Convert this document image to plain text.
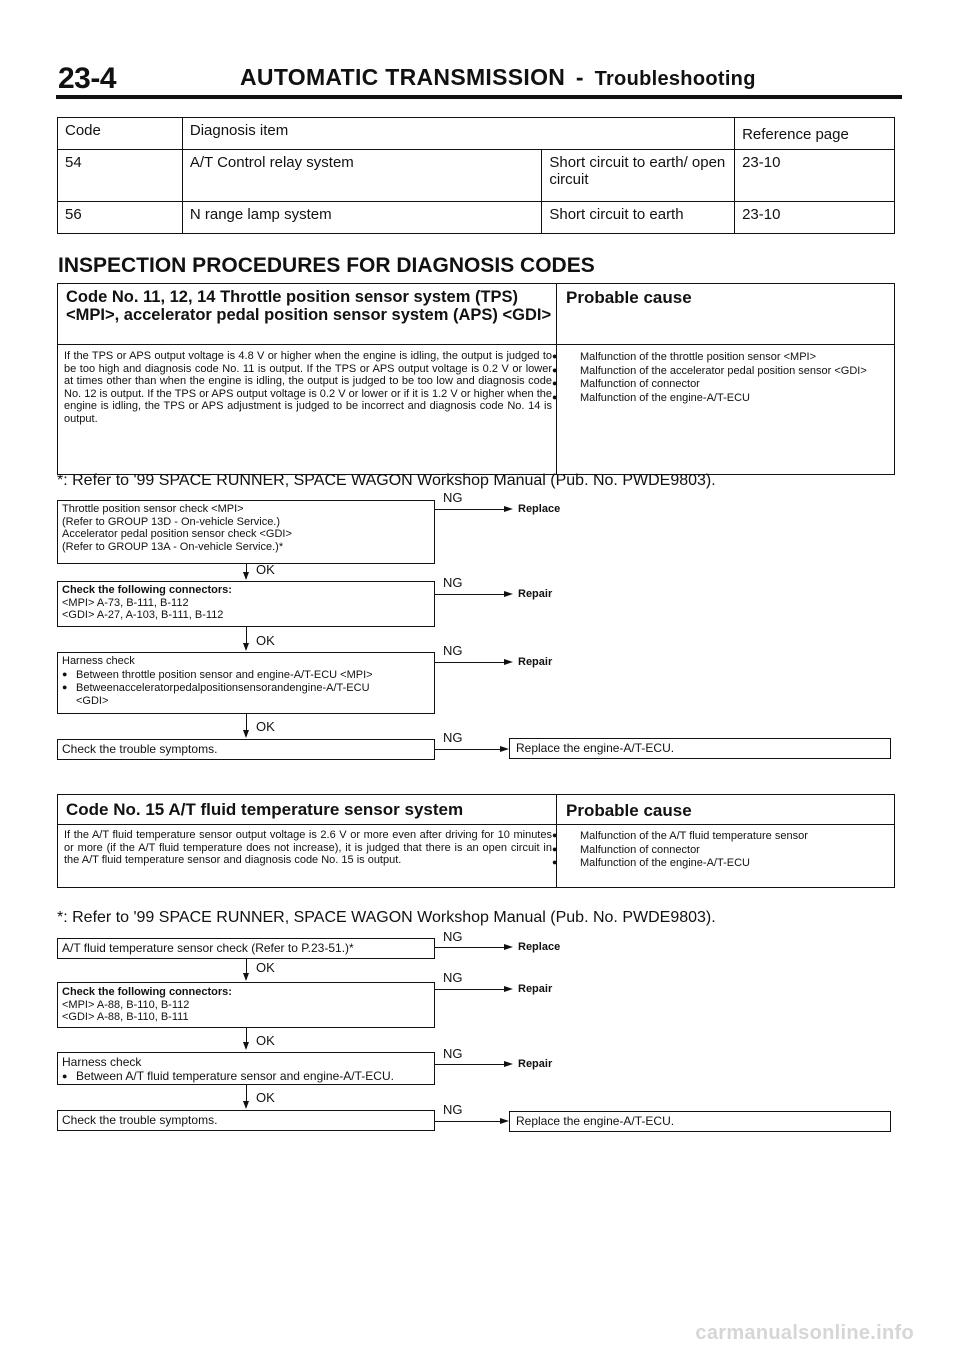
23-4	AUTOMATIC TRANSMISSION - Troubleshooting
Code	Diagnosis item		Reference page
54	A/T Control relay system	Short circuit to earth/ open circuit	23-10
56	N range lamp system	Short circuit to earth	23-10
INSPECTION PROCEDURES FOR DIAGNOSIS CODES
Code No. 11, 12, 14 Throttle position sensor system (TPS) <MPI>, accelerator pedal position sensor system (APS) <GDI>
Probable cause
If the TPS or APS output voltage is 4.8 V or higher when the engine is idling, the output is judged to be too high and diagnosis code No. 11 is output. If the TPS or APS output voltage is 0.2 V or lower at times other than when the engine is idling, the output is judged to be too low and diagnosis code No. 12 is output. If the TPS or APS output voltage is 0.2 V or lower or if it is 1.2 V or higher when the engine is idling, the TPS or APS adjustment is judged to be incorrect and diagnosis code No. 14 is output.
● Malfunction of the throttle position sensor <MPI>
● Malfunction of the accelerator pedal position sensor <GDI>
● Malfunction of connector
● Malfunction of the engine-A/T-ECU
*: Refer to '99 SPACE RUNNER, SPACE WAGON Workshop Manual (Pub. No. PWDE9803).
Throttle position sensor check <MPI>
(Refer to GROUP 13D - On-vehicle Service.)
Accelerator pedal position sensor check <GDI>
(Refer to GROUP 13A - On-vehicle Service.)*
NG
Replace
OK
Check the following connectors:
<MPI> A-73, B-111, B-112
<GDI> A-27, A-103, B-111, B-112
NG
Repair
OK
Harness check
● Between throttle position sensor and engine-A/T-ECU <MPI>
● Betweenacceleratorpedalpositionsensorandengine-A/T-ECU
<GDI>
NG
Repair
OK
Check the trouble symptoms.
NG
Replace the engine-A/T-ECU.
Code No. 15 A/T fluid temperature sensor system	Probable cause
If the A/T fluid temperature sensor output voltage is 2.6 V or more even after driving for 10 minutes or more (if the A/T fluid temperature does not increase), it is judged that there is an open circuit in the A/T fluid temperature sensor and diagnosis code No. 15 is output.
● Malfunction of the A/T fluid temperature sensor
● Malfunction of connector
● Malfunction of the engine-A/T-ECU
*: Refer to '99 SPACE RUNNER, SPACE WAGON Workshop Manual (Pub. No. PWDE9803).
A/T fluid temperature sensor check (Refer to P.23-51.)*
NG
Replace
OK
Check the following connectors:
<MPI> A-88, B-110, B-112
<GDI> A-88, B-110, B-111
NG
Repair
OK
Harness check
● Between A/T fluid temperature sensor and engine-A/T-ECU.
NG
Repair
OK
Check the trouble symptoms.
NG
Replace the engine-A/T-ECU.
carmanualsonline.info
